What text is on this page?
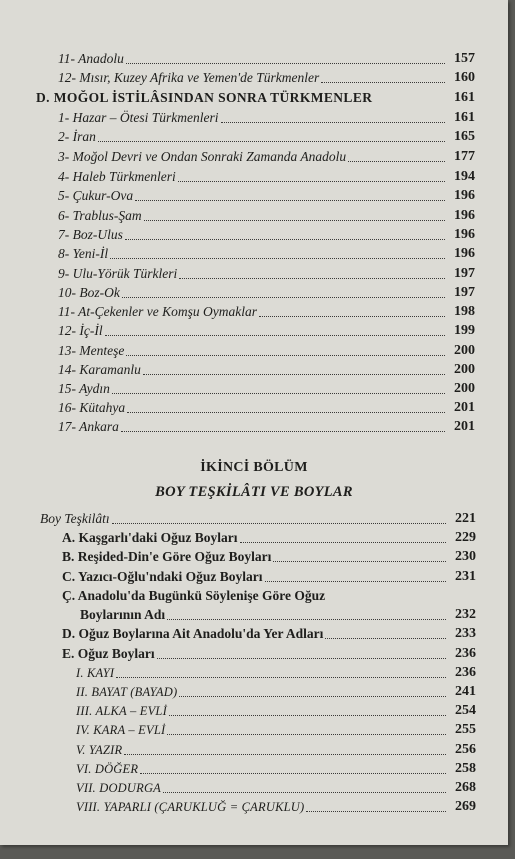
11- Anadolu	157
12- Mısır, Kuzey Afrika ve Yemen'de Türkmenler	160
D. MOĞOL İSTİLÂSINDAN SONRA TÜRKMENLER	161
1- Hazar – Ötesi Türkmenleri	161
2- İran	165
3- Moğol Devri ve Ondan Sonraki Zamanda Anadolu	177
4- Haleb Türkmenleri	194
5- Çukur-Ova	196
6- Trablus-Şam	196
7- Boz-Ulus	196
8- Yeni-İl	196
9- Ulu-Yörük Türkleri	197
10- Boz-Ok	197
11- At-Çekenler ve Komşu Oymaklar	198
12- İç-İl	199
13- Menteşe	200
14- Karamanlu	200
15- Aydın	200
16- Kütahya	201
17- Ankara	201
İKİNCİ BÖLÜM
BOY TEŞKİLÂTI VE BOYLAR
Boy Teşkilâtı	221
A. Kaşgarlı'daki Oğuz Boyları	229
B. Reşided-Din'e Göre Oğuz Boyları	230
C. Yazıcı-Oğlu'ndaki Oğuz Boyları	231
Ç. Anadolu'da Bugünkü Söylenişe Göre Oğuz
Boylarının Adı	232
D. Oğuz Boylarına Ait Anadolu'da Yer Adları	233
E. Oğuz Boyları	236
I. KAYI	236
II. BAYAT (BAYAD)	241
III. ALKA – EVLİ	254
IV. KARA – EVLİ	255
V. YAZIR	256
VI. DÖĞER	258
VII. DODURGA	268
VIII. YAPARLI (ÇARUKLUĞ = ÇARUKLU)	269
